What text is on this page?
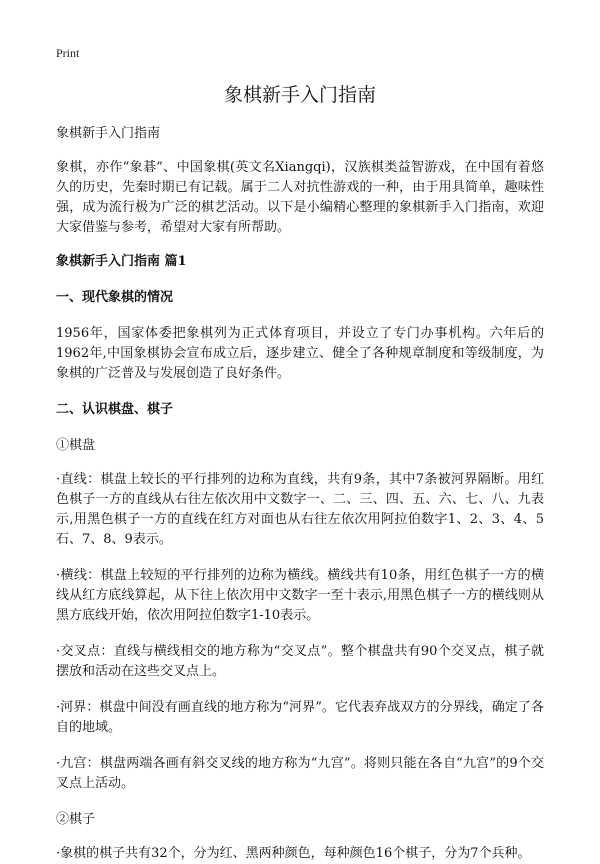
Print
象棋新手入门指南

象棋新手入门指南

象棋，亦作“象碁”、中国象棋(英文名Xiangqi)，汉族棋类益智游戏，在中国有着悠久的历史，先秦时期已有记载。属于二人对抗性游戏的一种，由于用具简单，趣味性强，成为流行极为广泛的棋艺活动。以下是小编精心整理的象棋新手入门指南，欢迎大家借鉴与参考，希望对大家有所帮助。

象棋新手入门指南 篇1

一、现代象棋的情况

1956年，国家体委把象棋列为正式体育项目，并设立了专门办事机构。六年后的1962年,中国象棋协会宣布成立后，逐步建立、健全了各种规章制度和等级制度，为象棋的广泛普及与发展创造了良好条件。

二、认识棋盘、棋子

①棋盘

·直线：棋盘上较长的平行排列的边称为直线，共有9条，其中7条被河界隔断。用红色棋子一方的直线从右往左依次用中文数字一、二、三、四、五、六、七、八、九表示,用黑色棋子一方的直线在红方对面也从右往左依次用阿拉伯数字1、2、3、4、5石、7、8、9表示。

·横线：棋盘上较短的平行排列的边称为横线。横线共有10条，用红色棋子一方的横线从红方底线算起，从下往上依次用中文数字一至十表示,用黑色棋子一方的横线则从黑方底线开始，依次用阿拉伯数字1-10表示。

·交叉点：直线与横线相交的地方称为“交叉点”。整个棋盘共有90个交叉点，棋子就摆放和活动在这些交叉点上。

·河界：棋盘中间没有画直线的地方称为“河界”。它代表弃战双方的分界线，确定了各自的地域。

·九宫：棋盘两端各画有斜交叉线的地方称为“九宫”。将则只能在各自“九宫”的9个交叉点上活动。

②棋子

·象棋的棋子共有32个，分为红、黑两种颜色，每种颜色16个棋子，分为7个兵种。
